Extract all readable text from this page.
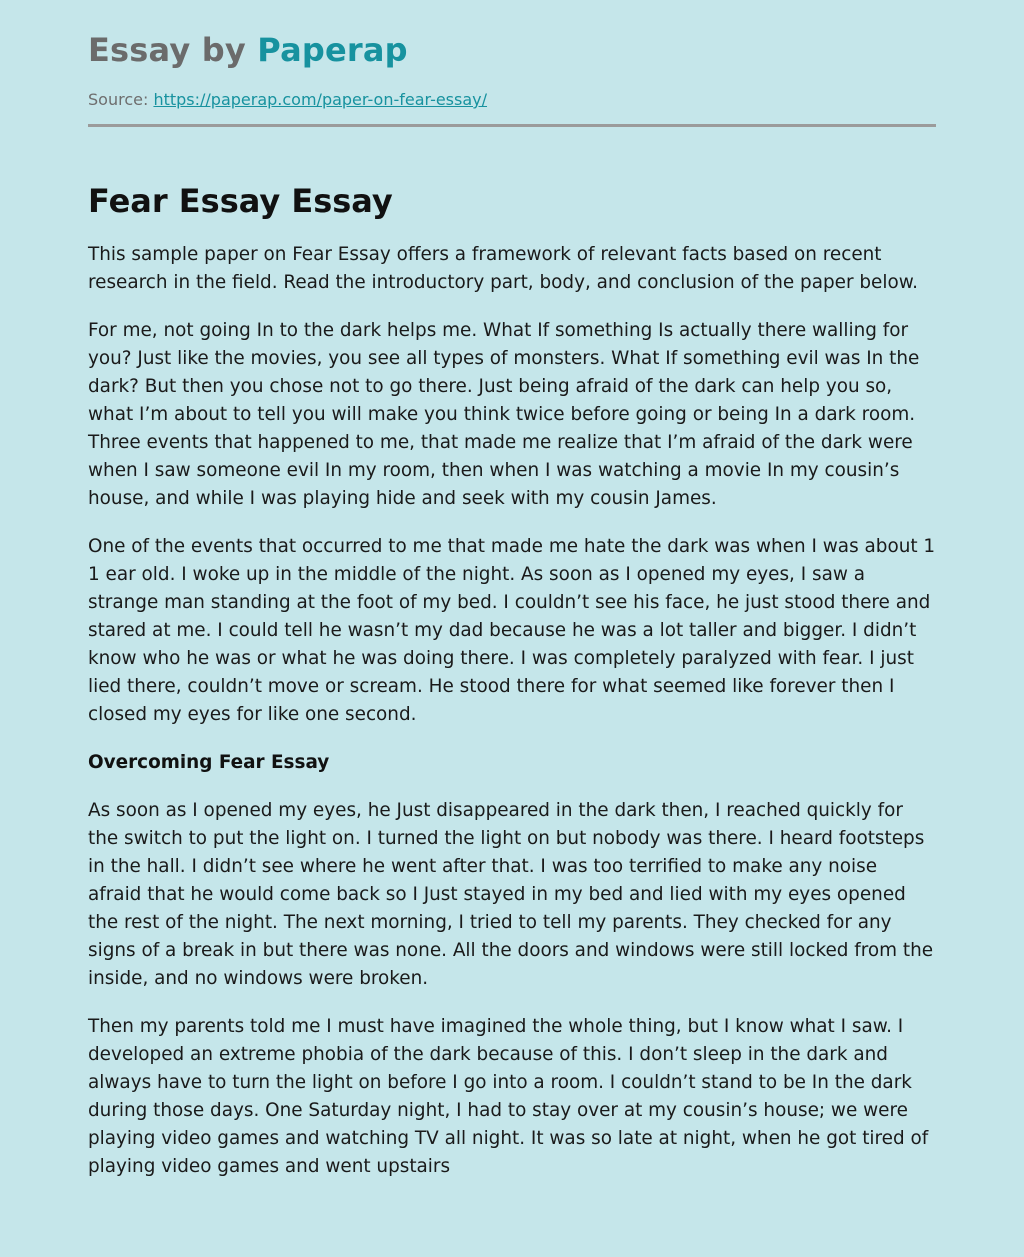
Essay by Paperap
Source: https://paperap.com/paper-on-fear-essay/
Fear Essay Essay

This sample paper on Fear Essay offers a framework of relevant facts based on recent research in the field. Read the introductory part, body, and conclusion of the paper below.

For me, not going In to the dark helps me. What If something Is actually there walling for you? Just like the movies, you see all types of monsters. What If something evil was In the dark? But then you chose not to go there. Just being afraid of the dark can help you so, what I’m about to tell you will make you think twice before going or being In a dark room. Three events that happened to me, that made me realize that I’m afraid of the dark were when I saw someone evil In my room, then when I was watching a movie In my cousin’s house, and while I was playing hide and seek with my cousin James.

One of the events that occurred to me that made me hate the dark was when I was about 1 1 ear old. I woke up in the middle of the night. As soon as I opened my eyes, I saw a strange man standing at the foot of my bed. I couldn’t see his face, he just stood there and stared at me. I could tell he wasn’t my dad because he was a lot taller and bigger. I didn’t know who he was or what he was doing there. I was completely paralyzed with fear. I just lied there, couldn’t move or scream. He stood there for what seemed like forever then I closed my eyes for like one second.

Overcoming Fear Essay

As soon as I opened my eyes, he Just disappeared in the dark then, I reached quickly for the switch to put the light on. I turned the light on but nobody was there. I heard footsteps in the hall. I didn’t see where he went after that. I was too terrified to make any noise afraid that he would come back so I Just stayed in my bed and lied with my eyes opened the rest of the night. The next morning, I tried to tell my parents. They checked for any signs of a break in but there was none. All the doors and windows were still locked from the inside, and no windows were broken.

Then my parents told me I must have imagined the whole thing, but I know what I saw. I developed an extreme phobia of the dark because of this. I don’t sleep in the dark and always have to turn the light on before I go into a room. I couldn’t stand to be In the dark during those days. One Saturday night, I had to stay over at my cousin’s house; we were playing video games and watching TV all night. It was so late at night, when he got tired of playing video games and went upstairs
